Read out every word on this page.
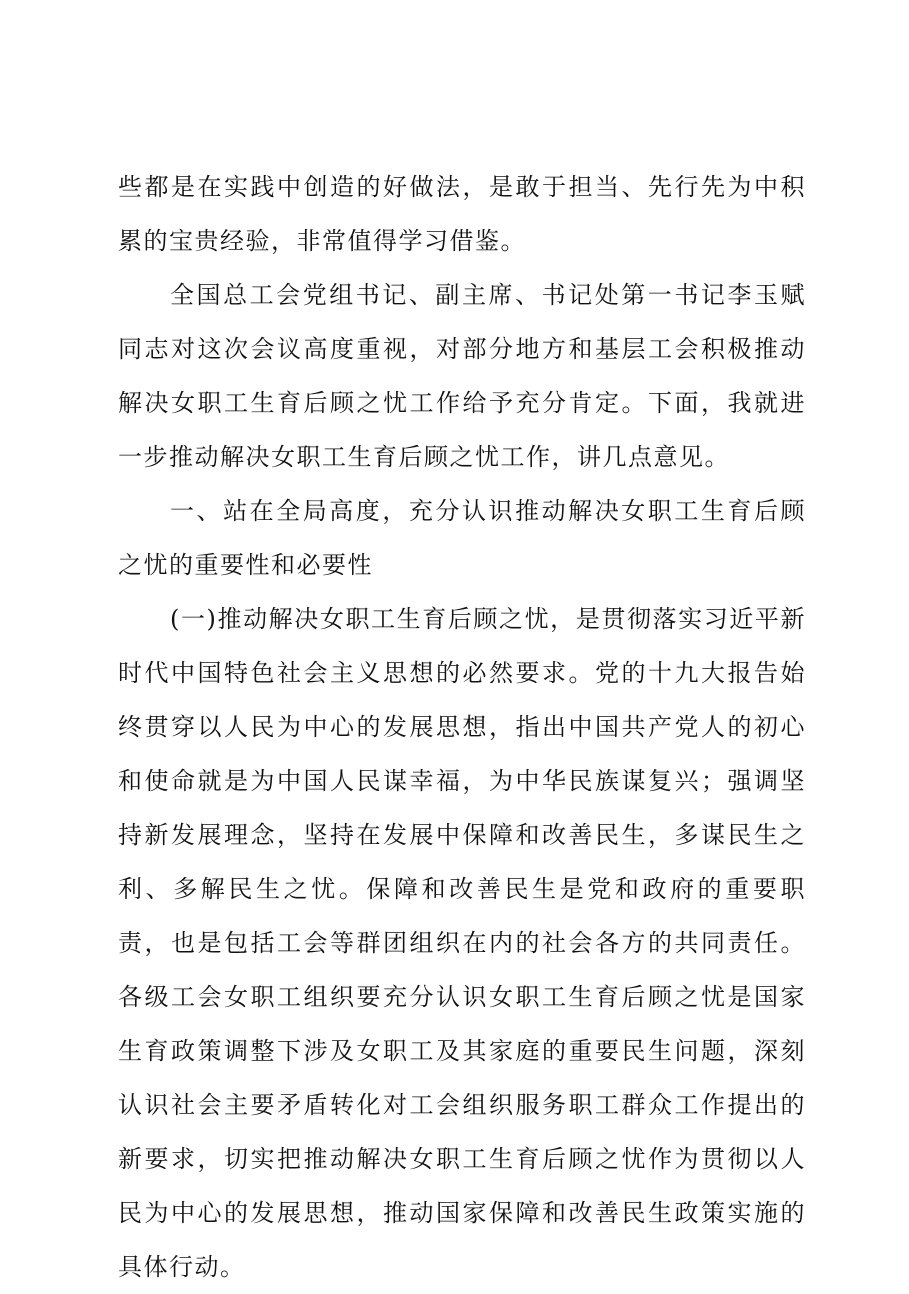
些都是在实践中创造的好做法，是敢于担当、先行先为中积累的宝贵经验，非常值得学习借鉴。

全国总工会党组书记、副主席、书记处第一书记李玉赋同志对这次会议高度重视，对部分地方和基层工会积极推动解决女职工生育后顾之忧工作给予充分肯定。下面，我就进一步推动解决女职工生育后顾之忧工作，讲几点意见。

一、站在全局高度，充分认识推动解决女职工生育后顾之忧的重要性和必要性

(一)推动解决女职工生育后顾之忧，是贯彻落实习近平新时代中国特色社会主义思想的必然要求。党的十九大报告始终贯穿以人民为中心的发展思想，指出中国共产党人的初心和使命就是为中国人民谋幸福，为中华民族谋复兴；强调坚持新发展理念，坚持在发展中保障和改善民生，多谋民生之利、多解民生之忧。保障和改善民生是党和政府的重要职责，也是包括工会等群团组织在内的社会各方的共同责任。各级工会女职工组织要充分认识女职工生育后顾之忧是国家生育政策调整下涉及女职工及其家庭的重要民生问题，深刻认识社会主要矛盾转化对工会组织服务职工群众工作提出的新要求，切实把推动解决女职工生育后顾之忧作为贯彻以人民为中心的发展思想，推动国家保障和改善民生政策实施的具体行动。
